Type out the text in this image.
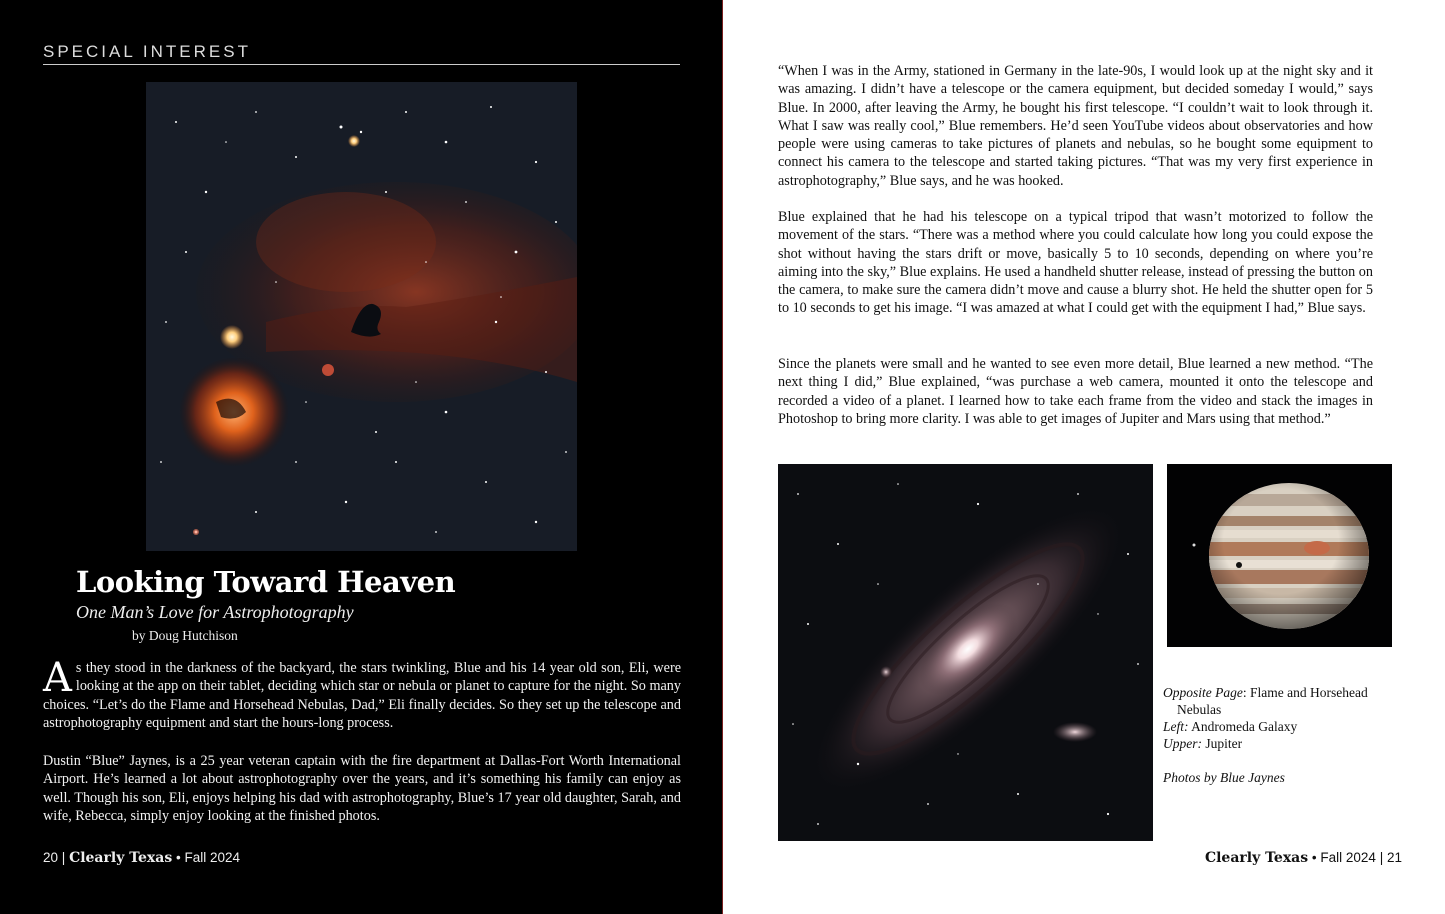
SPECIAL INTEREST
Looking Toward Heaven
One Man’s Love for Astrophotography
by Doug Hutchison
As they stood in the darkness of the backyard, the stars twinkling, Blue and his 14 year old son, Eli, were looking at the app on their tablet, deciding which star or nebula or planet to capture for the night. So many choices. “Let’s do the Flame and Horsehead Nebulas, Dad,” Eli finally decides. So they set up the telescope and astrophotography equipment and start the hours-long process.
Dustin “Blue” Jaynes, is a 25 year veteran captain with the fire department at Dallas-Fort Worth International Airport. He’s learned a lot about astrophotography over the years, and it’s something his family can enjoy as well. Though his son, Eli, enjoys helping his dad with astrophotography, Blue’s 17 year old daughter, Sarah, and wife, Rebecca, simply enjoy looking at the finished photos.
20 | Clearly Texas • Fall 2024
“When I was in the Army, stationed in Germany in the late-90s, I would look up at the night sky and it was amazing. I didn’t have a telescope or the camera equipment, but decided someday I would,” says Blue. In 2000, after leaving the Army, he bought his first telescope. “I couldn’t wait to look through it. What I saw was really cool,” Blue remembers. He’d seen YouTube videos about observatories and how people were using cameras to take pictures of planets and nebulas, so he bought some equipment to connect his camera to the telescope and started taking pictures. “That was my very first experience in astrophotography,” Blue says, and he was hooked.
Blue explained that he had his telescope on a typical tripod that wasn’t motorized to follow the movement of the stars. “There was a method where you could calculate how long you could expose the shot without having the stars drift or move, basically 5 to 10 seconds, depending on where you’re aiming into the sky,” Blue explains. He used a handheld shutter release, instead of pressing the button on the camera, to make sure the camera didn’t move and cause a blurry shot. He held the shutter open for 5 to 10 seconds to get his image. “I was amazed at what I could get with the equipment I had,” Blue says.
Since the planets were small and he wanted to see even more detail, Blue learned a new method. “The next thing I did,” Blue explained, “was purchase a web camera, mounted it onto the telescope and recorded a video of a planet. I learned how to take each frame from the video and stack the images in Photoshop to bring more clarity. I was able to get images of Jupiter and Mars using that method.”
Opposite Page: Flame and Horsehead
Nebulas
Left: Andromeda Galaxy
Upper: Jupiter
Photos by Blue Jaynes
Clearly Texas • Fall 2024 | 21
